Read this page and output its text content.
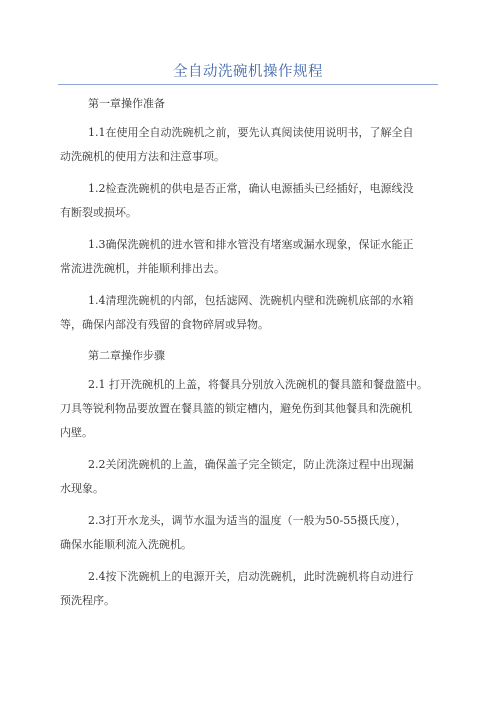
全自动洗碗机操作规程
第一章操作准备
1.1在使用全自动洗碗机之前，要先认真阅读使用说明书，了解全自
动洗碗机的使用方法和注意事项。
1.2检查洗碗机的供电是否正常，确认电源插头已经插好，电源线没
有断裂或损坏。
1.3确保洗碗机的进水管和排水管没有堵塞或漏水现象，保证水能正
常流进洗碗机，并能顺利排出去。
1.4清理洗碗机的内部，包括滤网、洗碗机内壁和洗碗机底部的水箱
等，确保内部没有残留的食物碎屑或异物。
第二章操作步骤
2.1 打开洗碗机的上盖，将餐具分别放入洗碗机的餐具篮和餐盘篮中。
刀具等锐利物品要放置在餐具篮的锁定槽内，避免伤到其他餐具和洗碗机
内壁。
2.2关闭洗碗机的上盖，确保盖子完全锁定，防止洗涤过程中出现漏
水现象。
2.3打开水龙头，调节水温为适当的温度（一般为50-55摄氏度），
确保水能顺利流入洗碗机。
2.4按下洗碗机上的电源开关，启动洗碗机，此时洗碗机将自动进行
预洗程序。
